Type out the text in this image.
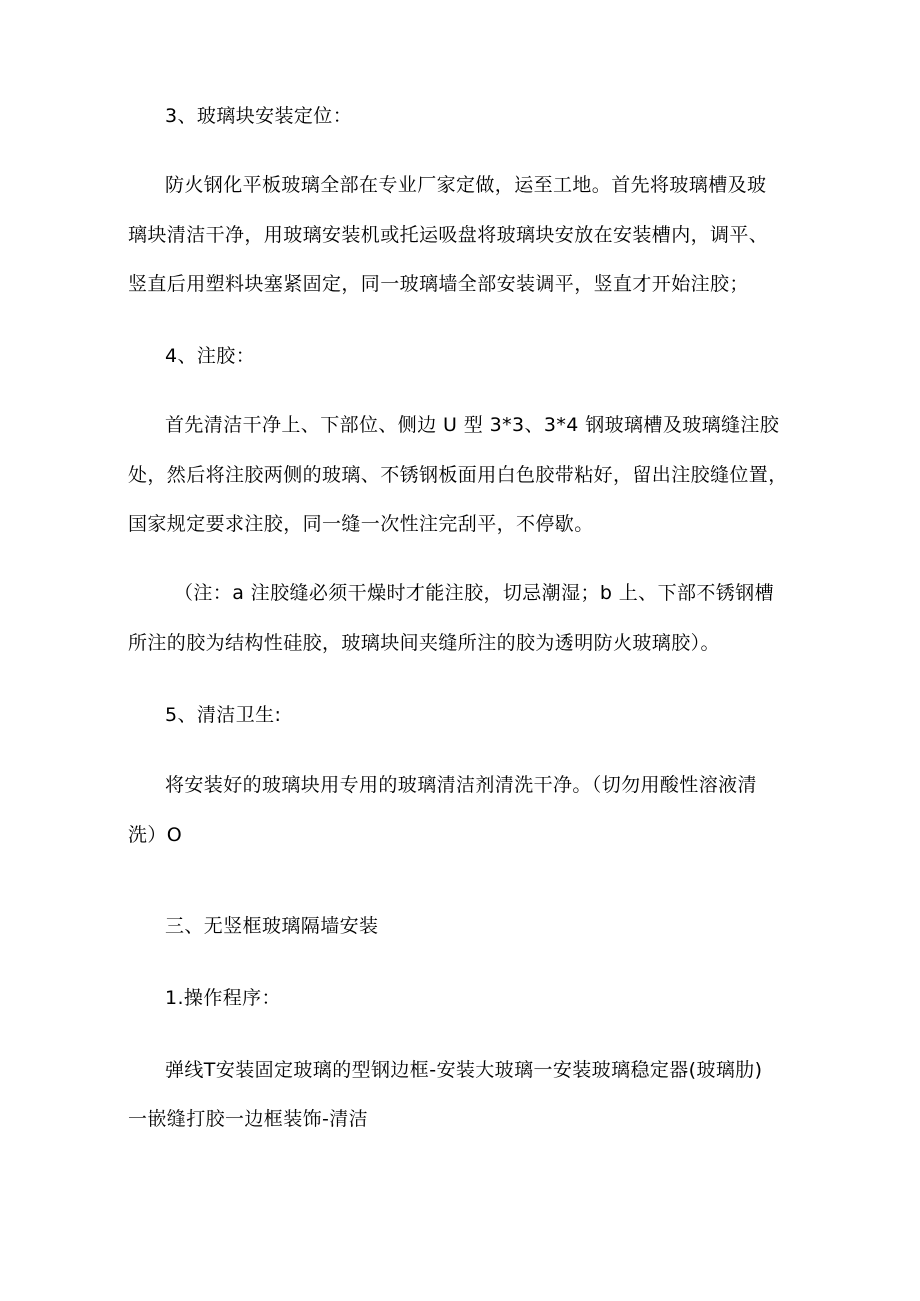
3、玻璃块安装定位：
防火钢化平板玻璃全部在专业厂家定做，运至工地。首先将玻璃槽及玻
璃块清洁干净，用玻璃安装机或托运吸盘将玻璃块安放在安装槽内，调平、
竖直后用塑料块塞紧固定，同一玻璃墙全部安装调平，竖直才开始注胶；
4、注胶：
首先清洁干净上、下部位、侧边 U 型 3*3、3*4 钢玻璃槽及玻璃缝注胶
处，然后将注胶两侧的玻璃、不锈钢板面用白色胶带粘好，留出注胶缝位置，
国家规定要求注胶，同一缝一次性注完刮平，不停歇。
（注：a 注胶缝必须干燥时才能注胶，切忌潮湿；b 上、下部不锈钢槽
所注的胶为结构性硅胶，玻璃块间夹缝所注的胶为透明防火玻璃胶）。
5、清洁卫生:
将安装好的玻璃块用专用的玻璃清洁剂清洗干净。（切勿用酸性溶液清
洗）O
三、无竖框玻璃隔墙安装
1.操作程序：
弹线T安装固定玻璃的型钢边框-安装大玻璃一安装玻璃稳定器(玻璃肋)
一嵌缝打胶一边框装饰-清洁
